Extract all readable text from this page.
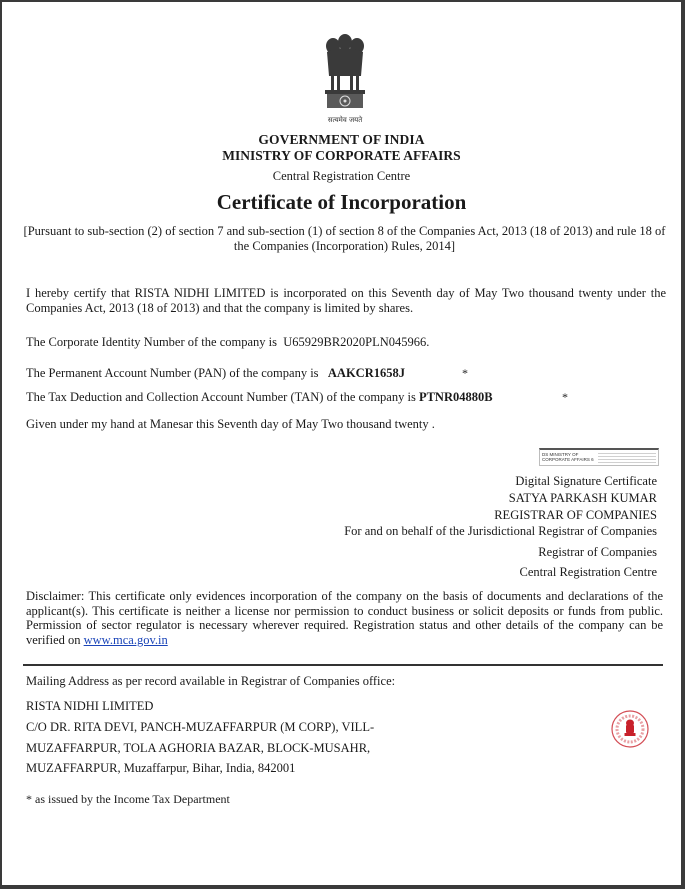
सत्यमेव जयते
GOVERNMENT OF INDIA
MINISTRY OF CORPORATE AFFAIRS
Central Registration Centre
Certificate of Incorporation
[Pursuant to sub-section (2) of section 7 and sub-section (1) of section 8 of the Companies Act, 2013 (18 of 2013) and rule 18 of the Companies (Incorporation) Rules, 2014]
I hereby certify that RISTA NIDHI LIMITED is incorporated on this Seventh day of May Two thousand twenty under the Companies Act, 2013 (18 of 2013) and that the company is limited by shares.
The Corporate Identity Number of the company is U65929BR2020PLN045966.
The Permanent Account Number (PAN) of the company is AAKCR1658J	*
The Tax Deduction and Collection Account Number (TAN) of the company is PTNR04880B	*
Given under my hand at Manesar this Seventh day of May Two thousand twenty .
DS MINISTRY OF CORPORATE AFFAIRS 6
Digital Signature Certificate
SATYA PARKASH KUMAR
REGISTRAR OF COMPANIES
For and on behalf of the Jurisdictional Registrar of Companies
Registrar of Companies
Central Registration Centre
Disclaimer: This certificate only evidences incorporation of the company on the basis of documents and declarations of the applicant(s). This certificate is neither a license nor permission to conduct business or solicit deposits or funds from public. Permission of sector regulator is necessary wherever required. Registration status and other details of the company can be verified on www.mca.gov.in
Mailing Address as per record available in Registrar of Companies office:
RISTA NIDHI LIMITED
C/O DR. RITA DEVI, PANCH-MUZAFFARPUR (M CORP), VILL-
MUZAFFARPUR, TOLA AGHORIA BAZAR, BLOCK-MUSAHR,
MUZAFFARPUR, Muzaffarpur, Bihar, India, 842001
* as issued by the Income Tax Department
